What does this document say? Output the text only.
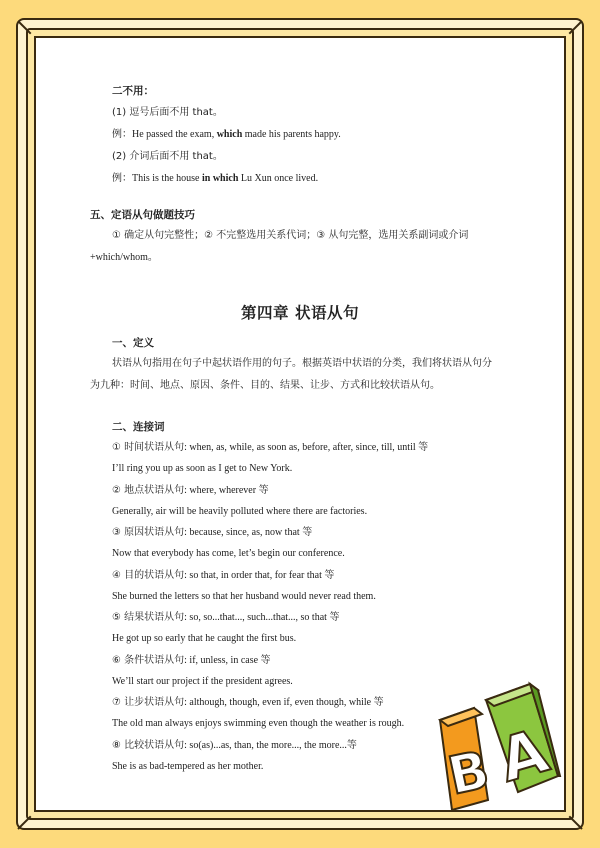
二不用：
(1) 逗号后面不用 that。
例：He passed the exam, which made his parents happy.
(2) 介词后面不用 that。
例：This is the house in which Lu Xun once lived.
五、定语从句做题技巧
① 确定从句完整性；② 不完整选用关系代词；③ 从句完整，选用关系副词或介词
+which/whom。
第四章 状语从句
一、定义
状语从句指用在句子中起状语作用的句子。根据英语中状语的分类，我们将状语从句分
为九种：时间、地点、原因、条件、目的、结果、让步、方式和比较状语从句。
二、连接词
① 时间状语从句: when, as, while, as soon as, before, after, since, till, until 等
I’ll ring you up as soon as I get to New York.
② 地点状语从句: where, wherever 等
Generally, air will be heavily polluted where there are factories.
③ 原因状语从句: because, since, as, now that 等
Now that everybody has come, let’s begin our conference.
④ 目的状语从句: so that, in order that, for fear that 等
She burned the letters so that her husband would never read them.
⑤ 结果状语从句: so, so...that..., such...that..., so that 等
He got up so early that he caught the first bus.
⑥ 条件状语从句: if, unless, in case 等
We’ll start our project if the president agrees.
⑦ 让步状语从句: although, though, even if, even though, while 等
The old man always enjoys swimming even though the weather is rough.
⑧ 比较状语从句: so(as)...as, than, the more..., the more...等
She is as bad-tempered as her mother.	B
A
